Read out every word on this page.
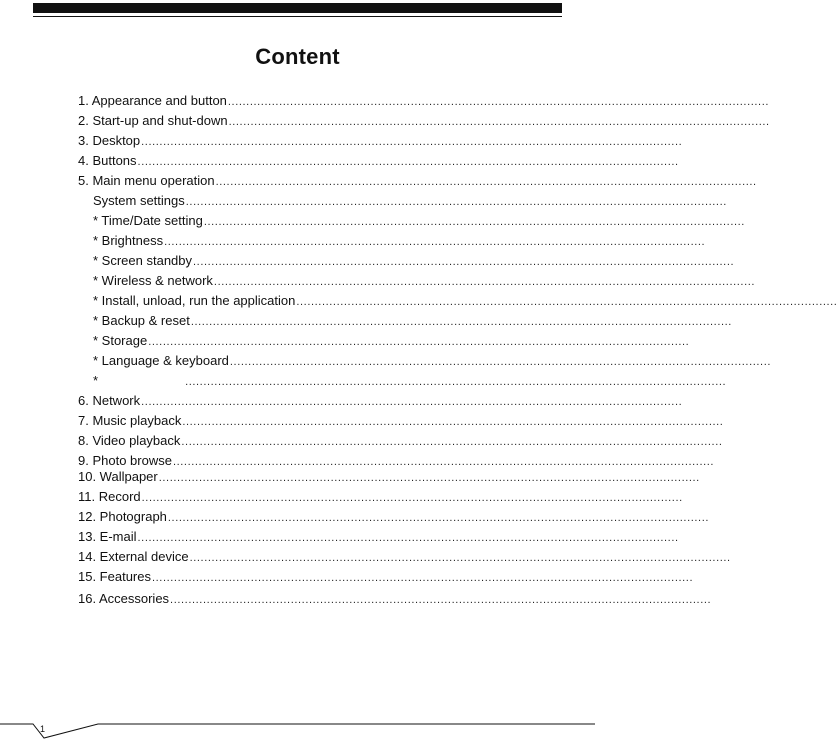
Content
1. Appearance and button ....................................................................................................................................................
2. Start-up and shut-down ....................................................................................................................................................
3. Desktop ....................................................................................................................................................
4. Buttons ....................................................................................................................................................
5. Main menu operation ....................................................................................................................................................
System settings ....................................................................................................................................................
* Time/Date setting ....................................................................................................................................................
* Brightness ....................................................................................................................................................
* Screen standby ....................................................................................................................................................
* Wireless & network ....................................................................................................................................................
* Install, unload, run the application ....................................................................................................................................................
* Backup & reset ....................................................................................................................................................
* Storage ....................................................................................................................................................
* Language & keyboard ....................................................................................................................................................
*	....................................................................................................................................................
6. Network ....................................................................................................................................................
7. Music playback ....................................................................................................................................................
8. Video playback ....................................................................................................................................................
9. Photo browse ....................................................................................................................................................
10. Wallpaper ....................................................................................................................................................
11. Record ....................................................................................................................................................
12. Photograph ....................................................................................................................................................
13. E-mail ....................................................................................................................................................
14. External device ....................................................................................................................................................
15. Features ....................................................................................................................................................
16. Accessories ....................................................................................................................................................
1
